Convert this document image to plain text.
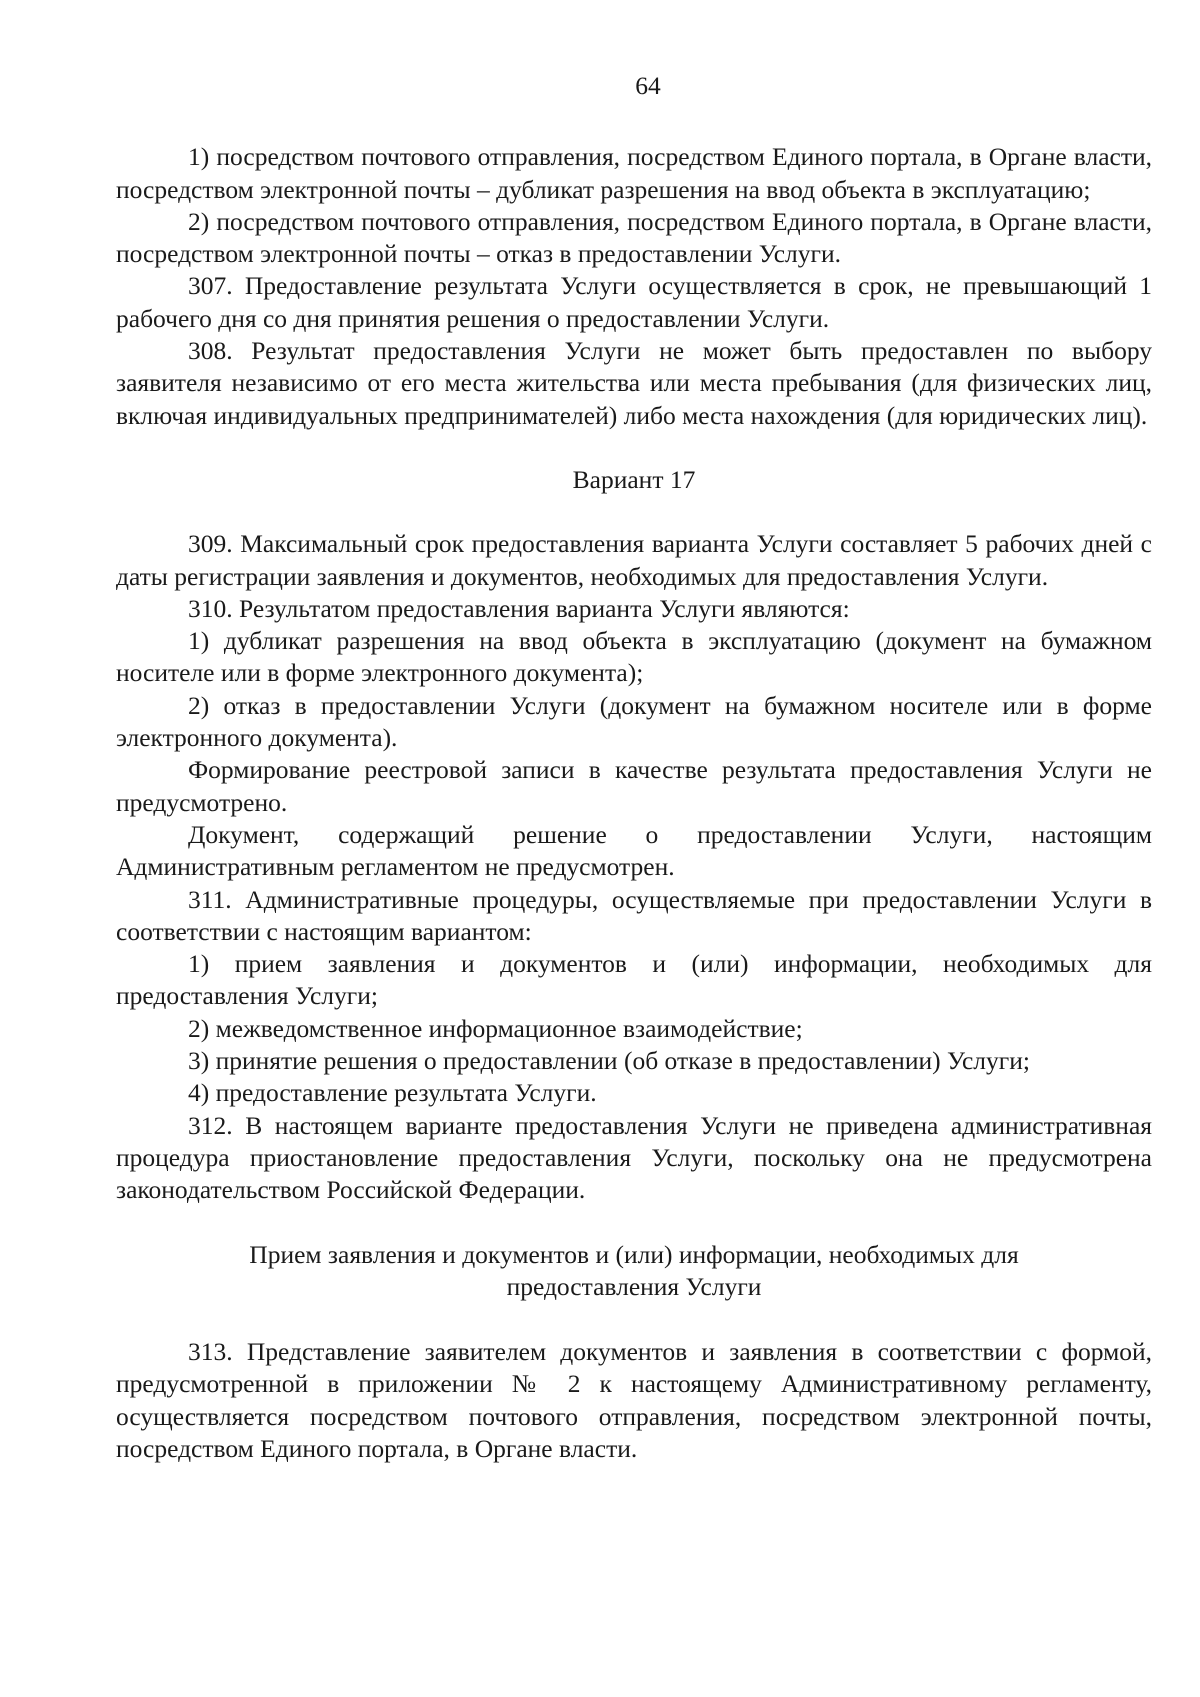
64

1) посредством почтового отправления, посредством Единого портала, в Органе власти, посредством электронной почты – дубликат разрешения на ввод объекта в эксплуатацию;

2) посредством почтового отправления, посредством Единого портала, в Органе власти, посредством электронной почты – отказ в предоставлении Услуги.

307. Предоставление результата Услуги осуществляется в срок, не превышающий 1 рабочего дня со дня принятия решения о предоставлении Услуги.

308. Результат предоставления Услуги не может быть предоставлен по выбору заявителя независимо от его места жительства или места пребывания (для физических лиц, включая индивидуальных предпринимателей) либо места нахождения (для юридических лиц).

Вариант 17

309. Максимальный срок предоставления варианта Услуги составляет 5 рабочих дней с даты регистрации заявления и документов, необходимых для предоставления Услуги.

310. Результатом предоставления варианта Услуги являются:

1) дубликат разрешения на ввод объекта в эксплуатацию (документ на бумажном носителе или в форме электронного документа);

2) отказ в предоставлении Услуги (документ на бумажном носителе или в форме электронного документа).

Формирование реестровой записи в качестве результата предоставления Услуги не предусмотрено.

Документ, содержащий решение о предоставлении Услуги, настоящим Административным регламентом не предусмотрен.

311. Административные процедуры, осуществляемые при предоставлении Услуги в соответствии с настоящим вариантом:

1) прием заявления и документов и (или) информации, необходимых для предоставления Услуги;

2) межведомственное информационное взаимодействие;

3) принятие решения о предоставлении (об отказе в предоставлении) Услуги;

4) предоставление результата Услуги.

312. В настоящем варианте предоставления Услуги не приведена административная процедура приостановление предоставления Услуги, поскольку она не предусмотрена законодательством Российской Федерации.

Прием заявления и документов и (или) информации, необходимых для
предоставления Услуги

313. Представление заявителем документов и заявления в соответствии с формой, предусмотренной в приложении № 2 к настоящему Административному регламенту, осуществляется посредством почтового отправления, посредством электронной почты, посредством Единого портала, в Органе власти.
